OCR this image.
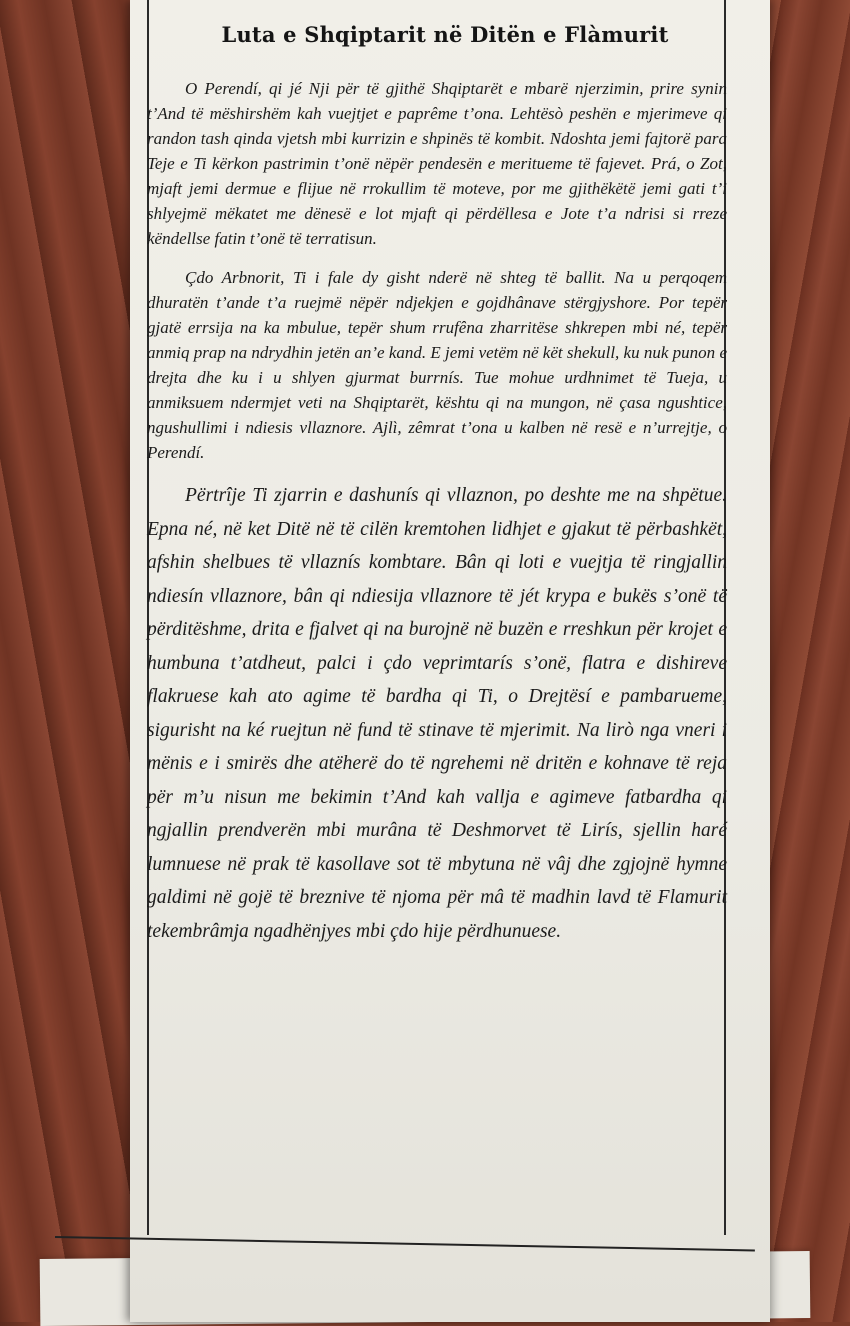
Luta e Shqiptarit në Ditën e Flàmurit

O Perendí, qi jé Nji për të gjithë Shqiptarët e mbarë njerzimin, prire synin t’And të mëshirshëm kah vuejtjet e paprême t’ona. Lehtësò peshën e mjerimeve qi randon tash qinda vjetsh mbi kurrizin e shpinës të kombit. Ndoshta jemi fajtorë para Teje e Ti kërkon pastrimin t’onë nëpër pendesën e meritueme të fajevet. Prá, o Zot, mjaft jemi dermue e flijue në rrokullim të moteve, por me gjithëkëtë jemi gati t’i shlyejmë mëkatet me dënesë e lot mjaft qi përdëllesa e Jote t’a ndrisi si rreze këndellse fatin t’onë të terratisun.

Çdo Arbnorit, Ti i fale dy gisht nderë në shteg të ballit. Na u perqoqem dhuratën t’ande t’a ruejmë nëpër ndjekjen e gojdhânave stërgjyshore. Por tepër gjatë errsija na ka mbulue, tepër shum rrufêna zharritëse shkrepen mbi né, tepër anmiq prap na ndrydhin jetën an’e kand. E jemi vetëm në kët shekull, ku nuk punon e drejta dhe ku i u shlyen gjurmat burrnís. Tue mohue urdhnimet të Tueja, u anmiksuem ndermjet veti na Shqiptarët, kështu qi na mungon, në çasa ngushtice, ngushullimi i ndiesis vllaznore. Ajlì, zêmrat t’ona u kalben në resë e n’urrejtje, o Perendí.

Përtrîje Ti zjarrin e dashunís qi vllaznon, po deshte me na shpëtue. Epna né, në ket Ditë në të cilën kremtohen lidhjet e gjakut të përbashkët, afshin shelbues të vllaznís kombtare. Bân qi loti e vuejtja të ringjallin ndiesín vllaznore, bân qi ndiesija vllaznore të jét krypa e bukës s’onë të përditëshme, drita e fjalvet qi na burojnë në buzën e rreshkun për krojet e humbuna t’atdheut, palci i çdo veprimtarís s’onë, flatra e dishireve flakruese kah ato agime të bardha qi Ti, o Drejtësí e pambarueme, sigurisht na ké ruejtun në fund të stinave të mjerimit. Na lirò nga vneri i mënis e i smirës dhe atëherë do të ngrehemi në dritën e kohnave të reja për m’u nisun me bekimin t’And kah vallja e agimeve fatbardha qi ngjallin prendverën mbi murâna të Deshmorvet të Lirís, sjellin haré lumnuese në prak të kasollave sot të mbytuna në vâj dhe zgjojnë hymne galdimi në gojë të breznive të njoma për mâ të madhin lavd të Flamurit tekembrâmja ngadhënjyes mbi çdo hije përdhunuese.
